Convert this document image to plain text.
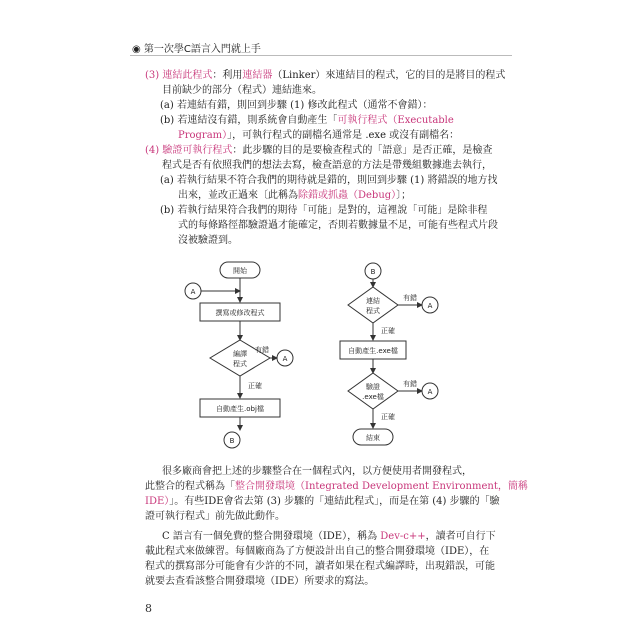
◉ 第一次學C語言入門就上手
(3) 連結此程式：利用連結器（Linker）來連結目的程式，它的目的是將目的程式
目前缺少的部分（程式）連結進來。
(a) 若連結有錯，則回到步驟 (1) 修改此程式（通常不會錯）：
(b) 若連結沒有錯，則系統會自動產生「可執行程式（Executable
Program）」，可執行程式的副檔名通常是 .exe 或沒有副檔名：
(4) 驗證可執行程式：此步驟的目的是要檢查程式的「語意」是否正確，是檢查
程式是否有依照我們的想法去寫，檢查語意的方法是帶幾組數據進去執行，
(a) 若執行結果不符合我們的期待就是錯的，則回到步驟 (1) 將錯誤的地方找
出來，並改正過來〔此稱為除錯或抓蟲（Debug）〕；
(b) 若執行結果符合我們的期待「可能」是對的，這裡說「可能」是除非程
式的每條路徑都驗證過才能確定，否則若數據量不足，可能有些程式片段
沒被驗證到。
開始
A
撰寫或修改程式
編譯
程式
有錯
A
正確
自動產生.obj檔
B
B
連結
程式
有錯
A
正確
自動產生.exe檔
驗證
.exe檔
有錯
A
正確
結束
很多廠商會把上述的步驟整合在一個程式內，以方便使用者開發程式，
此整合的程式稱為「整合開發環境（Integrated Development Environment，簡稱
IDE）」。有些IDE會省去第 (3) 步驟的「連結此程式」，而是在第 (4) 步驟的「驗
證可執行程式」前先做此動作。
C 語言有一個免費的整合開發環境（IDE），稱為 Dev-c++，讀者可自行下
載此程式來做練習。每個廠商為了方便設計出自己的整合開發環境（IDE），在
程式的撰寫部分可能會有少許的不同，讀者如果在程式編譯時，出現錯誤，可能
就要去查看該整合開發環境（IDE）所要求的寫法。
8
